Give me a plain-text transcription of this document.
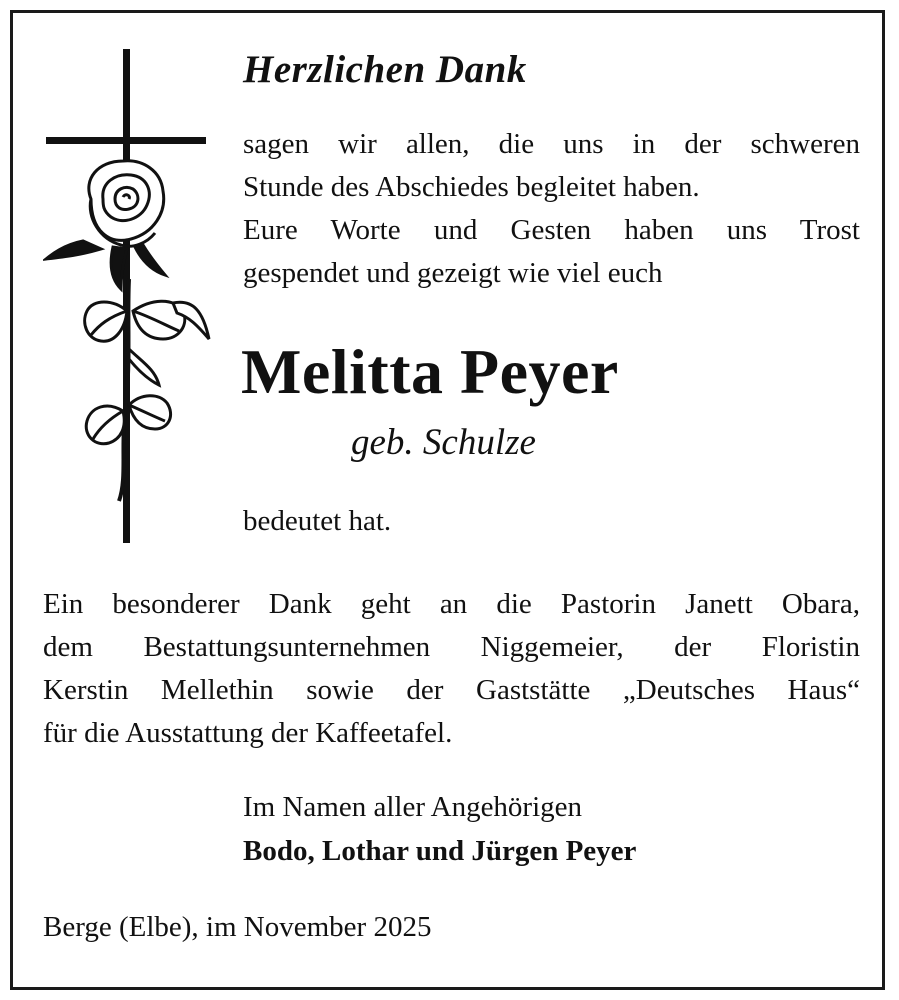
Herzlichen Dank

sagen wir allen, die uns in der schweren
Stunde des Abschiedes begleitet haben.
Eure Worte und Gesten haben uns Trost
gespendet und gezeigt wie viel euch

Melitta Peyer

geb. Schulze

bedeutet hat.

Ein besonderer Dank geht an die Pastorin Janett Obara,
dem Bestattungsunternehmen Niggemeier, der Floristin
Kerstin Mellethin sowie der Gaststätte „Deutsches Haus“
für die Ausstattung der Kaffeetafel.

Im Namen aller Angehörigen

Bodo, Lothar und Jürgen Peyer

Berge (Elbe), im November 2025
